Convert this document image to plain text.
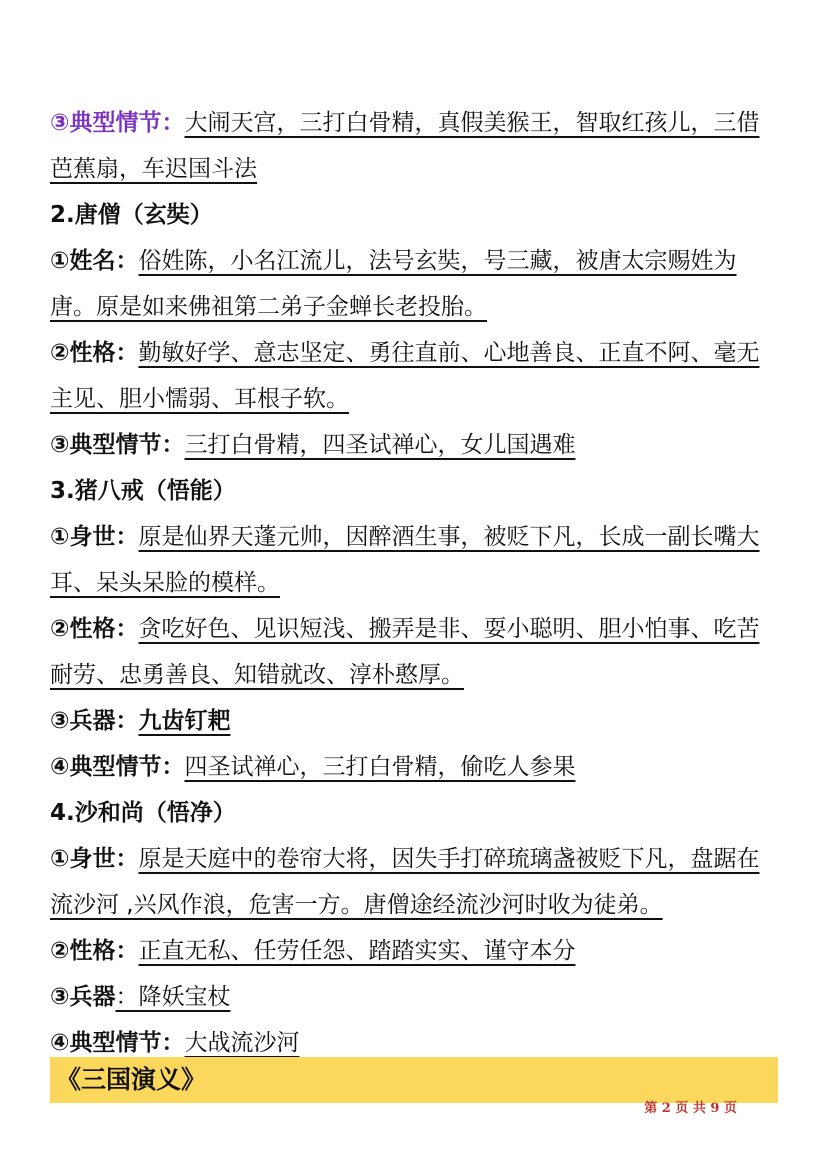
③典型情节：大闹天宫，三打白骨精，真假美猴王，智取红孩儿，三借芭蕉扇，车迟国斗法

2.唐僧（玄奘）

①姓名：俗姓陈，小名江流儿，法号玄奘，号三藏，被唐太宗赐姓为唐。原是如来佛祖第二弟子金蝉长老投胎。

②性格：勤敏好学、意志坚定、勇往直前、心地善良、正直不阿、毫无主见、胆小懦弱、耳根子软。

③典型情节：三打白骨精，四圣试禅心，女儿国遇难

3.猪八戒（悟能）

①身世：原是仙界天蓬元帅，因醉酒生事，被贬下凡，长成一副长嘴大耳、呆头呆脸的模样。

②性格：贪吃好色、见识短浅、搬弄是非、耍小聪明、胆小怕事、吃苦耐劳、忠勇善良、知错就改、淳朴憨厚。

③兵器：九齿钉耙

④典型情节：四圣试禅心，三打白骨精，偷吃人参果

4.沙和尚（悟净）

①身世：原是天庭中的卷帘大将，因失手打碎琉璃盏被贬下凡，盘踞在流沙河 ,兴风作浪，危害一方。唐僧途经流沙河时收为徒弟。

②性格：正直无私、任劳任怨、踏踏实实、谨守本分

③兵器：降妖宝杖

④典型情节：大战流沙河

《三国演义》
第 2 页 共 9 页
